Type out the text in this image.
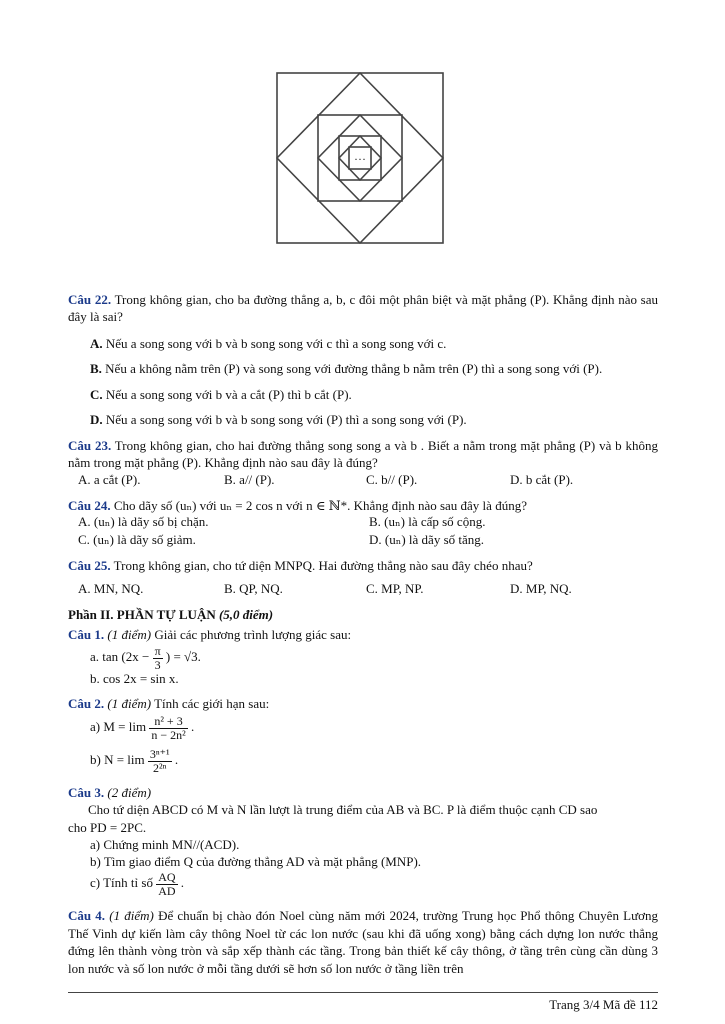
···
Câu 22. Trong không gian, cho ba đường thẳng a, b, c đôi một phân biệt và mặt phẳng (P). Khẳng định nào sau đây là sai?
A. Nếu a song song với b và b song song với c thì a song song với c.
B. Nếu a không nằm trên (P) và song song với đường thẳng b nằm trên (P) thì a song song với (P).
C. Nếu a song song với b và a cắt (P) thì b cắt (P).
D. Nếu a song song với b và b song song với (P) thì a song song với (P).
Câu 23. Trong không gian, cho hai đường thẳng song song a và b . Biết a nằm trong mặt phẳng (P) và b không nằm trong mặt phẳng (P). Khẳng định nào sau đây là đúng?
A. a cắt (P).	B. a// (P).	C. b// (P).	D. b cắt (P).
Câu 24. Cho dãy số (uₙ) với uₙ = 2 cos n với n ∈ ℕ*. Khẳng định nào sau đây là đúng?
A. (uₙ) là dãy số bị chặn.	B. (uₙ) là cấp số cộng.
C. (uₙ) là dãy số giảm.	D. (uₙ) là dãy số tăng.
Câu 25. Trong không gian, cho tứ diện MNPQ. Hai đường thẳng nào sau đây chéo nhau?
A. MN, NQ.	B. QP, NQ.	C. MP, NP.	D. MP, NQ.
Phần II. PHẦN TỰ LUẬN (5,0 điểm)
Câu 1. (1 điểm) Giải các phương trình lượng giác sau:
a. $\tan (2x - \frac{\pi}{3}$ ) = √3.
b. cos 2x = sin x.
Câu 2. (1 điểm) Tính các giới hạn sau:
a) $M = \lim \frac{\text{n² + 3}}{\text{n − 2n²}}$ .
b) $N = \lim \frac{\text{3ⁿ⁺¹}}{\text{2²ⁿ}}$ .
Câu 3. (2 điểm)
Cho tứ diện ABCD có M và N lần lượt là trung điểm của AB và BC. P là điểm thuộc cạnh CD sao
cho PD = 2PC.
a) Chứng minh MN//(ACD).
b) Tìm giao điểm Q của đường thẳng AD và mặt phẳng (MNP).
c) Tính tỉ số $\frac{AQ}{AD}$ .
Câu 4. (1 điểm) Để chuẩn bị chào đón Noel cùng năm mới 2024, trường Trung học Phổ thông Chuyên Lương Thế Vinh dự kiến làm cây thông Noel từ các lon nước (sau khi đã uống xong) bằng cách dựng lon nước thẳng đứng lên thành vòng tròn và sắp xếp thành các tầng. Trong bản thiết kế cây thông, ở tầng trên cùng cần dùng 3 lon nước và số lon nước ở mỗi tầng dưới sẽ hơn số lon nước ở tầng liền trên
Trang 3/4 Mã đề 112
